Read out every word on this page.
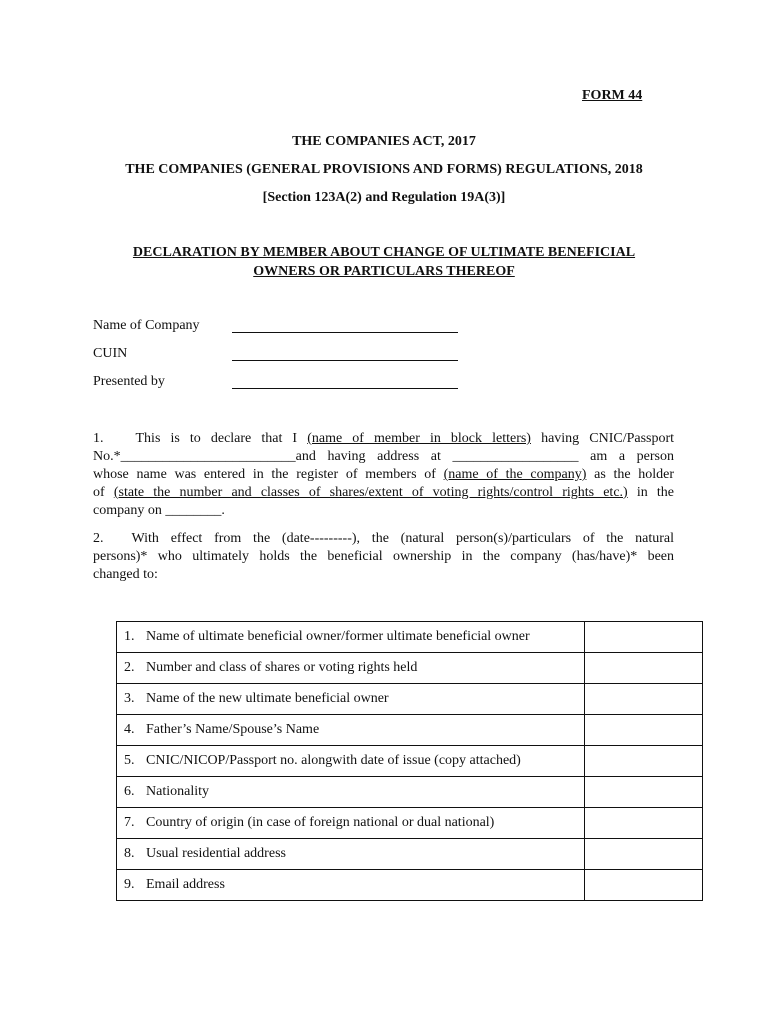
FORM 44
THE COMPANIES ACT, 2017
THE COMPANIES (GENERAL PROVISIONS AND FORMS) REGULATIONS, 2018
[Section 123A(2) and Regulation 19A(3)]
DECLARATION BY MEMBER ABOUT CHANGE OF ULTIMATE BENEFICIAL
OWNERS OR PARTICULARS THEREOF
Name of Company
CUIN
Presented by
1. This is to declare that I (name of member in block letters) having CNIC/Passport
No.*_________________________and having address at __________________ am a person
whose name was entered in the register of members of (name of the company) as the holder
of (state the number and classes of shares/extent of voting rights/control rights etc.) in the
company on ________.
2. With effect from the (date---------), the (natural person(s)/particulars of the natural
persons)* who ultimately holds the beneficial ownership in the company (has/have)* been
changed to:
1. Name of ultimate beneficial owner/former ultimate beneficial owner	
2. Number and class of shares or voting rights held	
3. Name of the new ultimate beneficial owner	
4. Father’s Name/Spouse’s Name	
5. CNIC/NICOP/Passport no. alongwith date of issue (copy attached)	
6. Nationality	
7. Country of origin (in case of foreign national or dual national)	
8. Usual residential address	
9. Email address	
